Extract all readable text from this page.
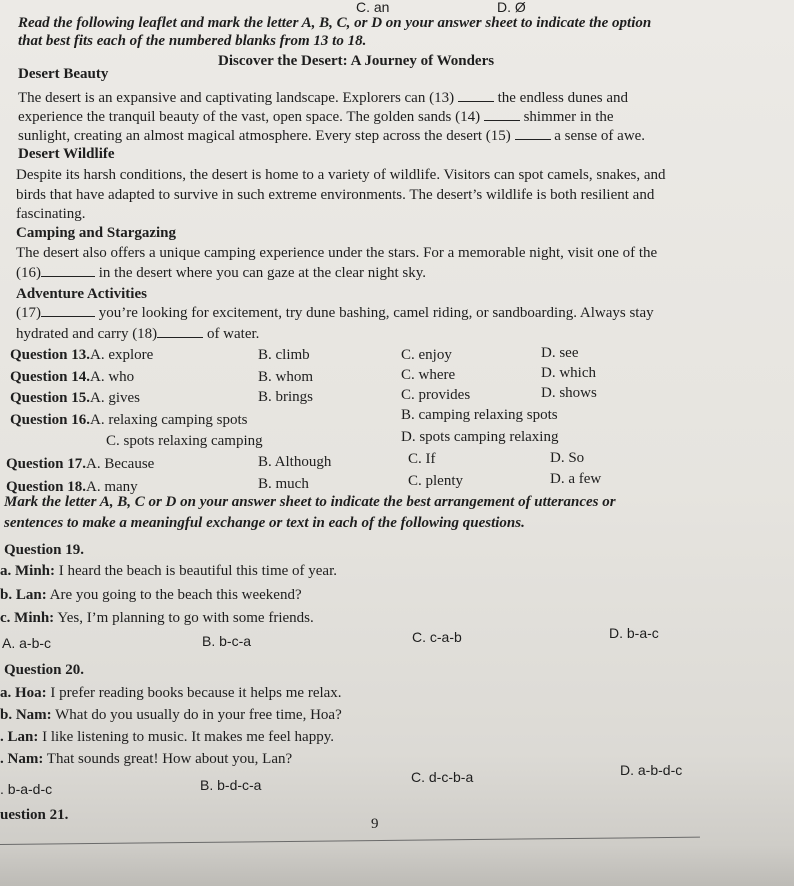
C. an	D. Ø
Read the following leaflet and mark the letter A, B, C, or D on your answer sheet to indicate the option
that best fits each of the numbered blanks from 13 to 18.
Discover the Desert: A Journey of Wonders
Desert Beauty
The desert is an expansive and captivating landscape. Explorers can (13)  the endless dunes and
experience the tranquil beauty of the vast, open space. The golden sands (14)  shimmer in the
sunlight, creating an almost magical atmosphere. Every step across the desert (15)  a sense of awe.
Desert Wildlife
Despite its harsh conditions, the desert is home to a variety of wildlife. Visitors can spot camels, snakes, and
birds that have adapted to survive in such extreme environments. The desert’s wildlife is both resilient and
fascinating.
Camping and Stargazing
The desert also offers a unique camping experience under the stars. For a memorable night, visit one of the
(16)	in the desert where you can gaze at the clear night sky.
Adventure Activities
(17)	you’re looking for excitement, try dune bashing, camel riding, or sandboarding. Always stay
hydrated and carry (18)	of water.
Question 13.A. explore	B. climb	C. enjoy	D. see
Question 14.A. who	B. whom	C. where	D. which
Question 15.A. gives	B. brings	C. provides	D. shows
Question 16.A. relaxing camping spots	B. camping relaxing spots
C. spots relaxing camping	D. spots camping relaxing
Question 17.A. Because	B. Although	C. If	D. So
Question 18.A. many	B. much	C. plenty	D. a few
Mark the letter A, B, C or D on your answer sheet to indicate the best arrangement of utterances or
sentences to make a meaningful exchange or text in each of the following questions.
Question 19.
a. Minh: I heard the beach is beautiful this time of year.
b. Lan: Are you going to the beach this weekend?
c. Minh: Yes, I’m planning to go with some friends.
A. a-b-c	B. b-c-a	C. c-a-b	D. b-a-c
Question 20.
a. Hoa: I prefer reading books because it helps me relax.
b. Nam: What do you usually do in your free time, Hoa?
. Lan: I like listening to music. It makes me feel happy.
. Nam: That sounds great! How about you, Lan?
. b-a-d-c	B. b-d-c-a	C. d-c-b-a	D. a-b-d-c
uestion 21.
9
